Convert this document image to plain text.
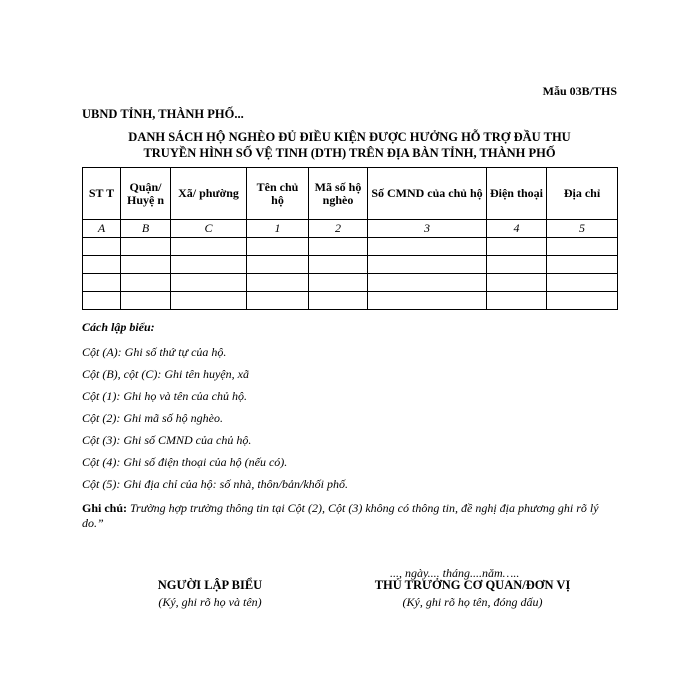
Mẫu 03B/THS
UBND TỈNH, THÀNH PHỐ...
DANH SÁCH HỘ NGHÈO ĐỦ ĐIỀU KIỆN ĐƯỢC HƯỞNG HỖ TRỢ ĐẦU THU
TRUYỀN HÌNH SỐ VỆ TINH (DTH) TRÊN ĐỊA BÀN TỈNH, THÀNH PHỐ
ST T	Quận/ Huyệ n	Xã/ phường	Tên chủ hộ	Mã số hộ nghèo	Số CMND của chủ hộ	Điện thoại	Địa chỉ
A	B	C	1	2	3	4	5

Cách lập biểu:
Cột (A): Ghi số thứ tự của hộ.
Cột (B), cột (C): Ghi tên huyện, xã
Cột (1): Ghi họ và tên của chủ hộ.
Cột (2): Ghi mã số hộ nghèo.
Cột (3): Ghi số CMND của chủ hộ.
Cột (4): Ghi số điện thoại của hộ (nếu có).
Cột (5): Ghi địa chỉ của hộ: số nhà, thôn/bản/khối phố.
Ghi chú: Trường hợp trường thông tin tại Cột (2), Cột (3) không có thông tin, đề nghị địa phương ghi rõ lý do.”
..., ngày.... tháng....năm…..
NGƯỜI LẬP BIỂU
(Ký, ghi rõ họ và tên)
THỦ TRƯỞNG CƠ QUAN/ĐƠN VỊ
(Ký, ghi rõ họ tên, đóng dấu)
